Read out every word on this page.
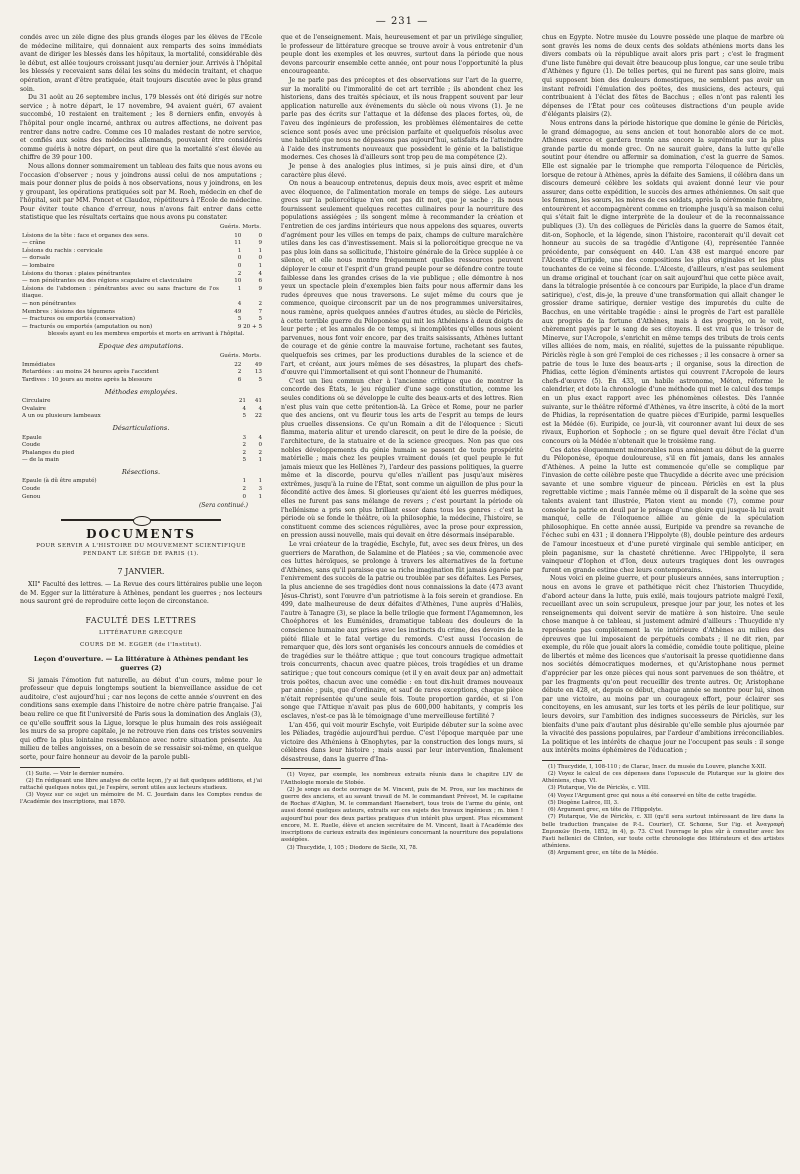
— 231 —

condés avec un zèle digne des plus grands éloges par les élèves de l'École de médecine militaire, qui donnaient aux remparts des soins immédiats avant de diriger les blessés dans les hôpitaux, la mortalité, considérable dès le début, est allée toujours croissant jusqu'au dernier jour. Arrivés à l'hôpital les blessés y recevaient sans délai les soins du médecin traitant, et chaque opération, avant d'être pratiquée, était toujours discutée avec le plus grand soin.

Du 31 août au 26 septembre inclus, 179 blessés ont été dirigés sur notre service ; à notre départ, le 17 novembre, 94 avaient guéri, 67 avaient succombé, 10 restaient en traitement ; les 8 derniers enfin, envoyés à l'hôpital pour ongle incarné, anthrax ou autres affections, ne doivent pas rentrer dans notre cadre. Comme ces 10 malades restant de notre service, et confiés aux soins des médecins allemands, pouvaient être considérés comme guéris à notre départ, on peut dire que la mortalité s'est élevée au chiffre de 39 pour 100.

Nous allons donner sommairement un tableau des faits que nous avons eu l'occasion d'observer ; nous y joindrons aussi celui de nos amputations ; mais pour donner plus de poids à nos observations, nous y joindrons, en les y groupant, les opérations pratiquées soit par M. Roeh, médecin en chef de l'hôpital, soit par MM. Poncet et Claudoz, répétiteurs à l'École de médecine. Pour éviter toute chance d'erreur, nous n'avons fait entrer dans cette statistique que les résultats certains que nous avons pu constater.

	Guéris.	Morts.
Lésions de la tête : face et organes des sens.	10	0
— crâne	11	9
Lésions du rachis : cervicale	1	1
— dorsale	0	0
— lombaire	0	1
Lésions du thorax : plaies pénétrantes	2	4
— non pénétrantes ou des régions scapulaire et claviculaire	10	6
Lésions de l'abdomen : pénétrantes avec ou sans fracture de l'os iliaque.	1	9
— non pénétrantes	4	2
Membres : lésions des tégumens	49	7
— fractures ou emportés (conservation)	5	5
— fracturés ou emportés (amputation ou non)	9	20 + 5
blessés ayant eu les membres emportés et morts en arrivant à l'hôpital.
Epoque des amputations.
	Guéris.	Morts.
Immédiates	22	49
Retardées : au moins 24 heures après l'accident	2	13
Tardives : 10 jours au moins après la blessure	6	5
Méthodes employées.
Circulaire	21	41
Ovalaire	4	4
A un ou plusieurs lambeaux	5	22
Désarticulations.
Epaule	3	4
Coude	2	0
Phalanges du pied	2	2
— de la main	5	1
Résections.
Epaule (à dû être amputé)	1	1
Coude	2	3
Genou	0	1
(Sera continué.)
DOCUMENTS
POUR SERVIR A L'HISTOIRE DU MOUVEMENT SCIENTIFIQUE PENDANT LE SIÉGE DE PARIS (1).
7 JANVIER.

XII° Faculté des lettres. — La Revue des cours littéraires publie une leçon de M. Egger sur la littérature à Athènes, pendant les guerres ; nos lecteurs nous sauront gré de reproduire cette leçon de circonstance.

FACULTÉ DES LETTRES
LITTÉRATURE GRECQUE
COURS DE M. EGGER (de l'Institut).
Leçon d'ouverture. — La littérature à Athènes pendant les guerres (2)

Si jamais l'émotion fut naturelle, au début d'un cours, même pour le professeur que depuis longtemps soutient la bienveillance assidue de cet auditoire, c'est aujourd'hui ; car nos leçons de cette année s'ouvrent en des conditions sans exemple dans l'histoire de notre chère patrie française. J'ai beau relire ce que fit l'université de Paris sous la domination des Anglais (3), ce qu'elle souffrit sous la Ligue, lorsque le plus humain des rois assiégeait les murs de sa propre capitale, je ne retrouve rien dans ces tristes souvenirs qui offre la plus lointaine ressemblance avec notre situation présente. Au milieu de telles angoisses, on a besoin de se ressaisir soi-même, en quelque sorte, pour faire honneur au devoir de la parole publi-

(1) Suite. — Voir le dernier numéro.

(2) En rédigeant une libre analyse de cette leçon, j'y ai fait quelques additions, et j'ai rattaché quelques notes qui, je l'espère, seront utiles aux lecteurs studieux.

(3) Voyez sur ce sujet un mémoire de M. C. Jourdain dans les Comptes rendus de l'Académie des inscriptions, mai 1870.

que et de l'enseignement. Mais, heureusement et par un privilége singulier, le professeur de littérature grecque se trouve avoir à vous entretenir d'un peuple dont les exemples et les œuvres, surtout dans la période que nous devons parcourir ensemble cette année, ont pour nous l'opportunité la plus encourageante.

Je ne parle pas des préceptes et des observations sur l'art de la guerre, sur la moralité ou l'immoralité de cet art terrible ; ils abondent chez les historiens, dans des traités spéciaux, et ils nous frappent souvent par leur application naturelle aux événements du siècle où nous vivons (1). Je ne parle pas des écrits sur l'attaque et la défense des places fortes, où, de l'aveu des ingénieurs de profession, les problèmes élémentaires de cette science sont posés avec une précision parfaite et quelquefois résolus avec une habileté que nous ne dépassons pas aujourd'hui, satisfaits de l'atteindre à l'aide des instruments nouveaux que possèdent le génie et la balistique modernes. Ces choses là d'ailleurs sont trop peu de ma compétence (2).

Je pense à des analogies plus intimes, si je puis ainsi dire, et d'un caractère plus élevé.

On nous a beaucoup entretenus, depuis deux mois, avec esprit et même avec éloquence, de l'alimentation morale en temps de siége. Les auteurs grecs sur la poliorcétique n'en ont pas dit mot, que je sache ; ils nous fournissent seulement quelques recettes culinaires pour la nourriture des populations assiégées ; ils songent même à recommander la création et l'entretien de ces jardins intérieurs que nous appelons des squares, ouverts d'agrément pour les villes en temps de paix, champs de culture maraîchère utiles dans les cas d'investissement. Mais si la poliorcétique grecque ne va pas plus loin dans sa sollicitude, l'histoire générale de la Grèce supplée à ce silence, et elle nous montre fréquemment quelles ressources peuvent déployer le cœur et l'esprit d'un grand peuple pour se défendre contre toute faiblesse dans les grandes crises de la vie publique ; elle démontre à nos yeux un spectacle plein d'exemples bien faits pour nous affermir dans les rudes épreuves que nous traversons. Le sujet même du cours que je commence, quoique circonscrit par un de nos programmes universitaires, nous ramène, après quelques années d'autres études, au siècle de Périclès, à cette terrible guerre du Péloponèse qui mit les Athéniens à deux doigts de leur perte ; et les annales de ce temps, si incomplètes qu'elles nous soient parvenues, nous font voir encore, par des traits saisissants, Athènes luttant de courage et de génie contre la mauvaise fortune, rachetant ses fautes, quelquefois ses crimes, par les productions durables de la science et de l'art, et créant, aux jours mêmes de ses désastres, la plupart des chefs-d'œuvre qui l'immortalisent et qui sont l'honneur de l'humanité.

C'est un lieu commun cher à l'ancienne critique que de montrer la concorde des États, le jeu régulier d'une sage constitution, comme les seules conditions où se développe le culte des beaux-arts et des lettres. Rien n'est plus vain que cette prétention-là. La Grèce et Rome, pour ne parler que des anciens, ont vu fleurir tous les arts de l'esprit au temps de leurs plus cruelles dissensions. Ce qu'un Romain a dit de l'éloquence : Sicuti flamma, materia alitur et urendo clarescit, on peut le dire de la poésie, de l'architecture, de la statuaire et de la science grecques. Non pas que ces nobles développements du génie humain se passent de toute prospérité matérielle ; mais chez les peuples vraiment doués (et quel peuple le fut jamais mieux que les Hellènes ?), l'ardeur des passions politiques, la guerre même et la discorde, pourvu qu'elles n'aillent pas jusqu'aux misères extrêmes, jusqu'à la ruine de l'État, sont comme un aiguillon de plus pour la fécondité active des âmes. Si glorieuses qu'aient été les guerres médiques, elles ne furent pas sans mélange de revers ; c'est pourtant la période où l'hellénisme a pris son plus brillant essor dans tous les genres : c'est la période où se fonde le théâtre, où la philosophie, la médecine, l'histoire, se constituent comme des sciences régulières, avec la prose pour expression, en pression aussi nouvelle, mais qui devait en être désormais inséparable.

Le vrai créateur de la tragédie, Eschyle, fut, avec ses deux frères, un des guerriers de Marathon, de Salamine et de Platées ; sa vie, commencée avec ces luttes héroïques, se prolonge à travers les alternatives de la fortune d'Athènes, sans qu'il paraisse que sa riche imagination fût jamais égarée par l'enivrement des succès de la patrie ou troublée par ses défaites. Les Perses, la plus ancienne de ses tragédies dont nous connaissions la date (473 avant Jésus-Christ), sont l'œuvre d'un patriotisme à la fois serein et grandiose. En 499, date malheureuse de deux défaites d'Athènes, l'une auprès d'Haliès, l'autre à Tanagre (3), se place la belle trilogie que forment l'Agamemnon, les Choéphores et les Euménides, dramatique tableau des douleurs de la conscience humaine aux prises avec les instincts du crime, des devoirs de la piété filiale et le fatal vertige du remords. C'est aussi l'occasion de remarquer que, dès lors sont organisés les concours annuels de comédies et de tragédies sur le théâtre attique ; que tout concours tragique admettait trois concurrents, chacun avec quatre pièces, trois tragédies et un drame satirique ; que tout concours comique (et il y en avait deux par an) admettait trois poëtes, chacun avec une comédie : en tout dix-huit drames nouveaux par année ; puis, que d'ordinaire, et sauf de rares exceptions, chaque pièce n'était représentée qu'une seule fois. Toute proportion gardée, et si l'on songe que l'Attique n'avait pas plus de 600,000 habitants, y compris les esclaves, n'est-ce pas là le témoignage d'une merveilleuse fertilité ?

L'an 456, qui voit mourir Eschyle, voit Euripide débuter sur la scène avec les Péliades, tragédie aujourd'hui perdue. C'est l'époque marquée par une victoire des Athéniens à Œnophytes, par la construction des longs murs, si célèbres dans leur histoire ; mais aussi par leur intervention, finalement désastreuse, dans la guerre d'Ina-

(1) Voyez, par exemple, les nombreux extraits réunis dans le chapitre LIV de l'Anthologie morale de Stobée.

(2) Je songe au docte ouvrage de M. Vincent, puis de M. Prou, sur les machines de guerre des anciens, et au savant travail de M. le commandant Prévost, M. le capitaine de Rochas d'Aiglun, M. le commandant Haenebert, tous trois de l'arme du génie, ont aussi donné quelques auteurs, extraits sur ces sujets des travaux ingénieux ; m. bien ! aujourd'hui pour des deux parties pratiques d'un intérêt plus urgent. Plus récemment encore, M. E. Ruelle, élève et ancien secrétaire de M. Vincent, lisait à l'Académie des inscriptions de curieux extraits des ingénieurs concernant la nourriture des populations assiégées.

(3) Thucydide, I, 105 ; Diodore de Sicile, XI, 78.

chus en Égypte. Notre musée du Louvre possède une plaque de marbre où sont gravés les noms de deux cents des soldats athéniens morts dans les divers combats où la république avait alors pris part ; c'est le fragment d'une liste funèbre qui devait être beaucoup plus longue, car une seule tribu d'Athènes y figure (1). De telles pertes, qui ne furent pas sans gloire, mais qui supposent bien des douleurs domestiques, ne semblent pas avoir un instant refroidi l'émulation des poëtes, des musiciens, des acteurs, qui contribuaient à l'éclat des fêtes de Bacchus ; elles n'ont pas ralenti les dépenses de l'État pour ces coûteuses distractions d'un peuple avide d'élégants plaisirs (2).

Nous entrons dans la période historique que domine le génie de Périclès, le grand démagogue, au sens ancien et tout honorable alors de ce mot. Athènes exerce et gardera trente ans encore la suprématie sur la plus grande partie du monde grec. On ne saurait guère, dans la lutte qu'elle soutint pour étendre ou affermir sa domination, c'est la guerre de Samos. Elle est signalée par le triomphe que remporta l'éloquence de Périclès, lorsque de retour à Athènes, après la défaite des Samiens, il célébra dans un discours demeuré célèbre les soldats qui avaient donné leur vie pour assurer, dans cette expédition, le succès des armes athéniennes. On sait que les femmes, les sœurs, les mères de ces soldats, après la cérémonie funèbre, entourèrent et accompagnèrent comme en triomphe jusqu'à sa maison celui qui s'était fait le digne interprète de la douleur et de la reconnaissance publiques (3). Un des collègues de Périclès dans la guerre de Samos était, dit-on, Sophocle, et la légende, sinon l'histoire, raconterait qu'il devait cet honneur au succès de sa tragédie d'Antigone (4), représentée l'année précédente, par conséquent en 440. L'an 438 est marqué encore par l'Alceste d'Euripide, une des compositions les plus originales et les plus touchantes de ce veine si féconde. L'Alceste, d'ailleurs, n'est pas seulement un drame original et touchant (car on sait aujourd'hui que cette pièce avait, dans la tétralogie présentée à ce concours par Euripide, la place d'un drame satirique), c'est, dis-je, la preuve d'une transformation qui allait changer le grossier drame satirique, dernier vestige des impuretés du culte de Bacchus, en une véritable tragédie : ainsi le progrès de l'art est parallèle aux progrès de la fortune d'Athènes, mais à des progrès, on le voit, chèrement payés par le sang de ses citoyens. Il est vrai que le trésor de Minerve, sur l'Acropole, s'enrichit en même temps des tributs de trois cents villes alliées de nom, mais, en réalité, sujettes de la puissante république. Périclès règle à son gré l'emploi de ces richesses ; il les consacre à orner sa patrie de tous le luxe des beaux-arts ; il organise, sous la direction de Phidias, cette légion d'éminents artistes qui couvrent l'Acropole de leurs chefs-d'œuvre (5). En 433, un habile astronome, Méton, réforme le calendrier, et dote la chronologie d'une méthode qui met le calcul des temps en un plus exact rapport avec les phénomènes célestes. Dès l'année suivante, sur le théâtre réformé d'Athènes, va être inscrite, à côté de la mort de Phidias, la représentation de quatre pièces d'Euripide, parmi lesquelles est la Médée (6). Euripide, ce jour-là, vit couronner avant lui deux de ses rivaux, Euphorion et Sophocle ; on se figure quel devait être l'éclat d'un concours où la Médée n'obtenait que le troisième rang.

Ces dates éloquemment mémorables nous amènent au début de la guerre du Péloponèse, époque douloureuse, s'il en fût jamais, dans les annales d'Athènes. A peine la lutte est commencée qu'elle se complique par l'invasion de cette célèbre peste que Thucydide a décrite avec une précision savante et une sombre vigueur de pinceau. Périclès en est la plus regrettable victime ; mais l'année même où il disparaît de la scène que ses talents avaient tant illustrée, Platon vient au monde (7), comme pour consoler la patrie en deuil par le présage d'une gloire qui jusque-là lui avait manqué, celle de l'éloquence alliée au génie de la spéculation philosophique. En cette année aussi, Euripide va prendre sa revanche de l'échec subi en 431 ; il donnera l'Hippolyte (8), double peinture des ardeurs de l'amour incestueux et d'une pureté virginale qui semble anticiper, en plein paganisme, sur la chasteté chrétienne. Avec l'Hippolyte, il sera vainqueur d'Iophon et d'Ion, deux auteurs tragiques dont les ouvrages furent en grande estime chez leurs contemporains.

Nous voici en pleine guerre, et pour plusieurs années, sans interruption ; nous en avons le grave et pathétique récit chez l'historien Thucydide, d'abord acteur dans la lutte, puis exilé, mais toujours patriote malgré l'exil, recueillant avec un soin scrupuleux, presque jour par jour, les notes et les renseignements qui doivent servir de matière à son histoire. Une seule chose manque à ce tableau, si justement admiré d'ailleurs : Thucydide n'y représente pas complètement la vie intérieure d'Athènes au milieu des épreuves que lui imposaient de perpétuels combats ; il ne dit rien, par exemple, du rôle que jouait alors la comédie, comédie toute politique, pleine de libertés et même des licences que s'autorisait la presse quotidienne dans nos sociétés démocratiques modernes, et qu'Aristophane nous permet d'apprécier par les onze pièces qui nous sont parvenues de son théâtre, et par les fragments qu'on peut recueillir des trente autres. Or, Aristophane débute en 428, et, depuis ce début, chaque année se montre pour lui, sinon par une victoire, au moins par un courageux effort, pour éclairer ses concitoyens, en les amusant, sur les torts et les périls de leur politique, sur leurs devoirs, sur l'ambition des indignes successeurs de Périclès, sur les bienfaits d'une paix d'autant plus désirable qu'elle semble plus ajournée par la vivacité des passions populaires, par l'ardeur d'ambitions irréconciliables. La politique et les intérêts de chaque jour ne l'occupent pas seuls : il songe aux intérêts moins éphémères de l'éducation ;

(1) Thucydide, I, 108-110 ; de Clarac, Inscr. du musée du Louvre, planche X-XII.

(2) Voyez le calcul de ces dépenses dans l'opuscule de Plutarque sur la gloire des Athéniens, chap. VI.

(3) Plutarque, Vie de Périclès, c. VIII.

(4) Voyez l'Argument grec qui nous a été conservé en tête de cette tragédie.

(5) Diogène Laërce, III, 3.

(6) Argument grec, en tête de l'Hippolyte.

(7) Plutarque, Vie de Périclès, c. XII (qu'il sera surtout intéressant de lire dans la belle traduction française de P.-L. Courier), Cf. Schœne, Sur l'ig. et Ἀναγραφὴ Σαμιακῶν (In-rin, 1852, in 4), p. 73. C'est l'ouvrage le plus sûr à consulter avec les Fasti hellenici de Clinton, sur toute cette chronologie des littérateurs et des artistes athéniens.

(8) Argument grec, en tête de la Médée.
